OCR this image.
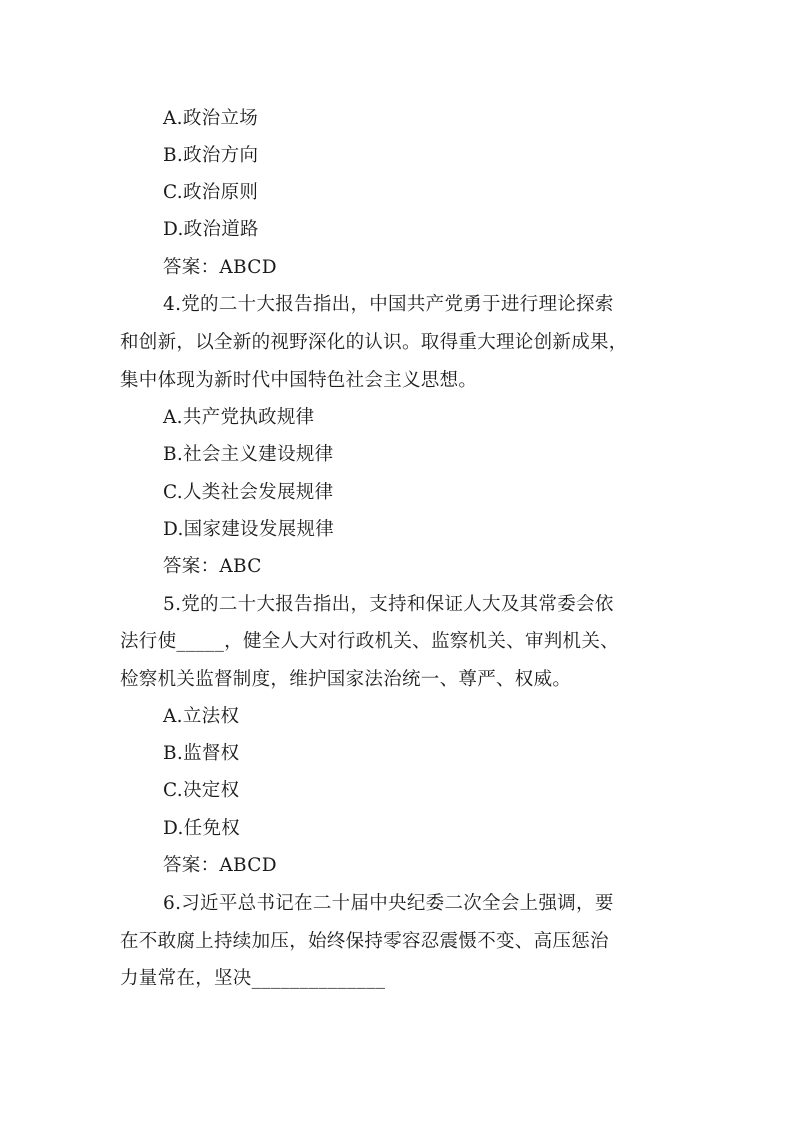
A.政治立场
B.政治方向
C.政治原则
D.政治道路
答案：ABCD
4.党的二十大报告指出，中国共产党勇于进行理论探索
和创新，以全新的视野深化的认识。取得重大理论创新成果，
集中体现为新时代中国特色社会主义思想。
A.共产党执政规律
B.社会主义建设规律
C.人类社会发展规律
D.国家建设发展规律
答案：ABC
5.党的二十大报告指出，支持和保证人大及其常委会依
法行使_____，健全人大对行政机关、监察机关、审判机关、
检察机关监督制度，维护国家法治统一、尊严、权威。
A.立法权
B.监督权
C.决定权
D.任免权
答案：ABCD
6.习近平总书记在二十届中央纪委二次全会上强调，要
在不敢腐上持续加压，始终保持零容忍震慑不变、高压惩治
力量常在，坚决______________
